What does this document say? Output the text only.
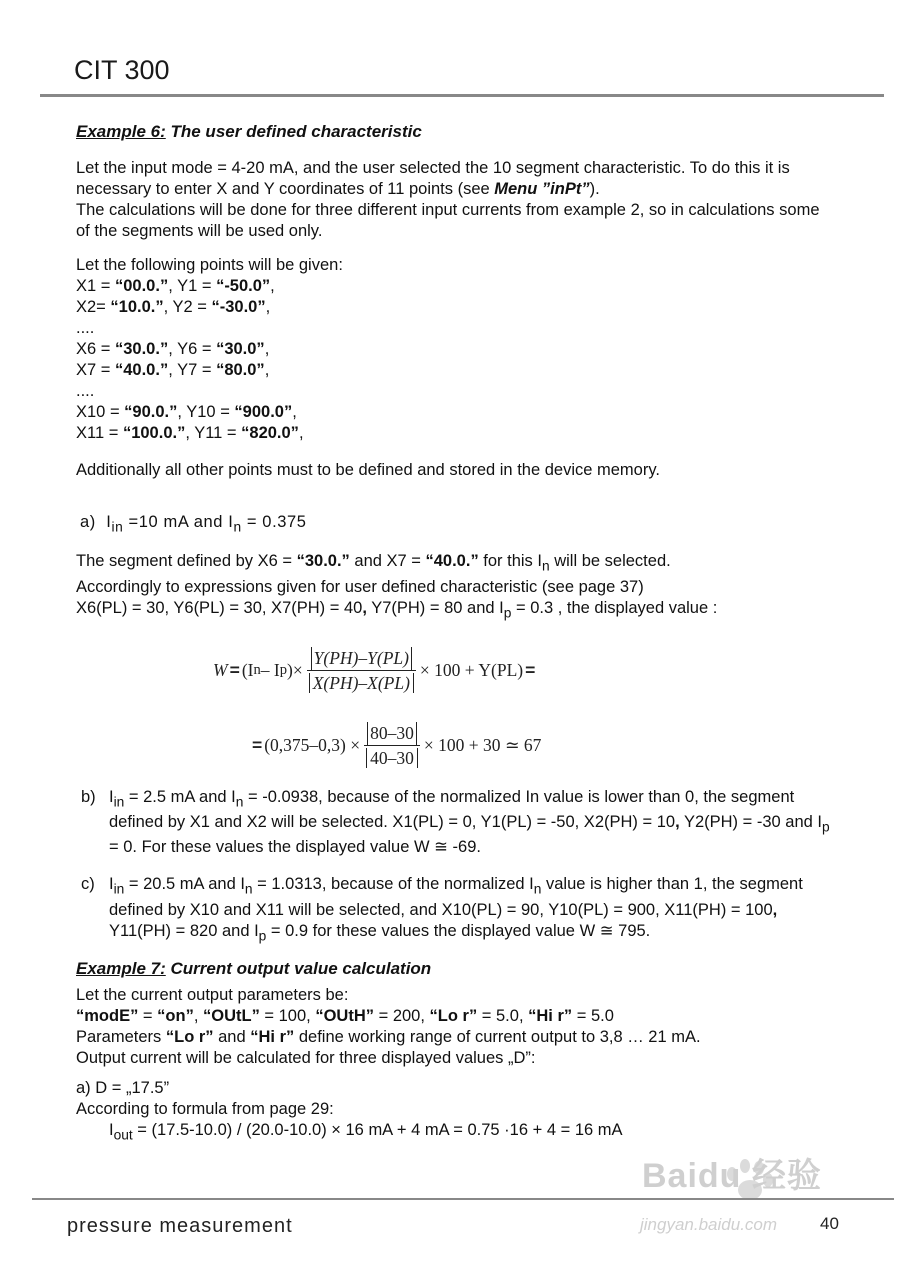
CIT 300
Example 6: The user defined characteristic

Let the input mode = 4-20 mA, and the user selected the 10 segment characteristic. To do this it is necessary to enter X and Y coordinates of 11 points (see Menu ”inPt”).
The calculations will be done for three different input currents from example 2, so in calculations some of the segments will be used only.

Let the following points will be given:

X1 = “00.0.”, Y1 = “-50.0”,

X2= “10.0.”, Y2 = “-30.0”,

....

X6 = “30.0.”, Y6 = “30.0”,

X7 = “40.0.”, Y7 = “80.0”,

....

X10 = “90.0.”, Y10 = “900.0”,

X11 = “100.0.”, Y11 = “820.0”,

Additionally all other points must to be defined and stored in the device memory.

a) $I_{in} =10$ mA and $I_n = 0.375$

The segment defined by X6 = “30.0.” and X7 = “40.0.” for this $I_n$ will be selected.
Accordingly to expressions given for user defined characteristic (see page 37)
X6(PL) = 30, Y6(PL) = 30, X7(PH) = 40, Y7(PH) = 80 and $I_p = 0.3$ , the displayed value :

W = (I n – I p )× $\frac{Y(PH)-Y(PL)}{X(PH)-X(PL)} \times 100 + Y(PL)$ =
= $(0,375-0,3) \times \frac{80-30}{40-30} \times 100 + 30$ ≃ 67
b) $I_{in} = 2.5$ mA and $I_n = -0.0938$, because of the normalized In value is lower than 0, the segment defined by X1 and X2 will be selected. X1(PL) = 0, Y1(PL) = -50, X2(PH) = 10, Y2(PH) = -30 and $I_p = 0$. For these values the displayed value W ≅ -69.
c) $I_{in} = 20.5$ mA and $I_n = 1.0313$, because of the normalized $I_n$ value is higher than 1, the segment defined by X10 and X11 will be selected, and X10(PL) = 90, Y10(PL) = 900, X11(PH) = 100, Y11(PH) = 820 and $I_p = 0.9$ for these values the displayed value W ≅ 795.
Example 7: Current output value calculation

Let the current output parameters be:
“modE” = “on”, “OUtL” = 100, “OUtH” = 200, “Lo r” = 5.0, “Hi r” = 5.0
Parameters “Lo r” and “Hi r” define working range of current output to 3,8 … 21 mA.
Output current will be calculated for three displayed values „D”:

a) D = „17.5”
According to formula from page 29:

$I_{out} = (17.5-10.0) / (20.0-10.0) \times 16$ mA + 4 mA = 0.75 ·16 + 4 = 16 mA

Baidu 经验
jingyan.baidu.com
pressure measurement	40
